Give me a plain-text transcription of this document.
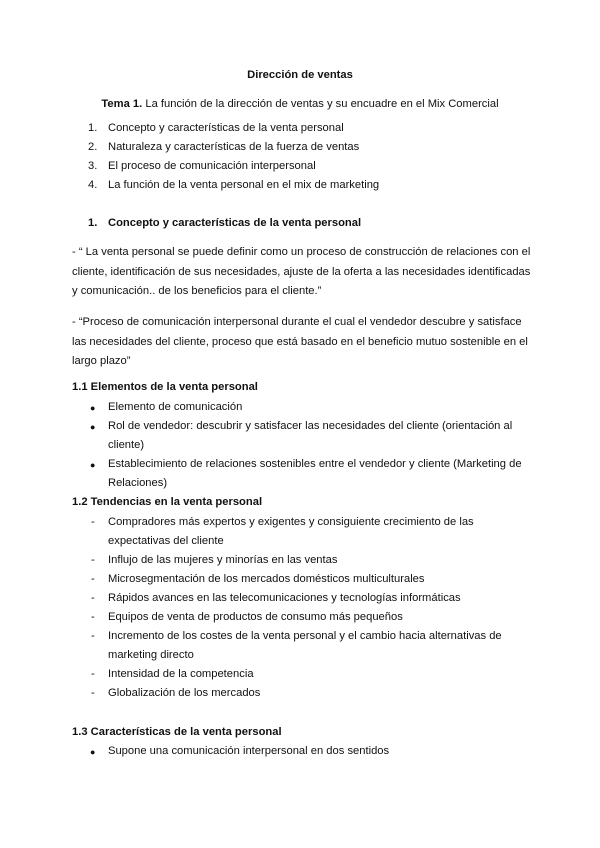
Dirección de ventas
Tema 1. La función de la dirección de ventas y su encuadre en el Mix Comercial
1. Concepto y características de la venta personal
2. Naturaleza y características de la fuerza de ventas
3. El proceso de comunicación interpersonal
4. La función de la venta personal en el mix de marketing
1. Concepto y características de la venta personal
- “ La venta personal se puede definir como un proceso de construcción de relaciones con el cliente, identificación de sus necesidades, ajuste de la oferta a las necesidades identificadas y comunicación.. de los beneficios para el cliente.”
- “Proceso de comunicación interpersonal durante el cual el vendedor descubre y satisface las necesidades del cliente, proceso que está basado en el beneficio mutuo sostenible en el largo plazo”
1.1 Elementos de la venta personal
● Elemento de comunicación
● Rol de vendedor: descubrir y satisfacer las necesidades del cliente (orientación al
cliente)
● Establecimiento de relaciones sostenibles entre el vendedor y cliente (Marketing de
Relaciones)
1.2 Tendencias en la venta personal
- Compradores más expertos y exigentes y consiguiente crecimiento de las
expectativas del cliente
- Influjo de las mujeres y minorías en las ventas
- Microsegmentación de los mercados domésticos multiculturales
- Rápidos avances en las telecomunicaciones y tecnologías informáticas
- Equipos de venta de productos de consumo más pequeños
- Incremento de los costes de la venta personal y el cambio hacia alternativas de
marketing directo
- Intensidad de la competencia
- Globalización de los mercados
1.3 Características de la venta personal
● Supone una comunicación interpersonal en dos sentidos
